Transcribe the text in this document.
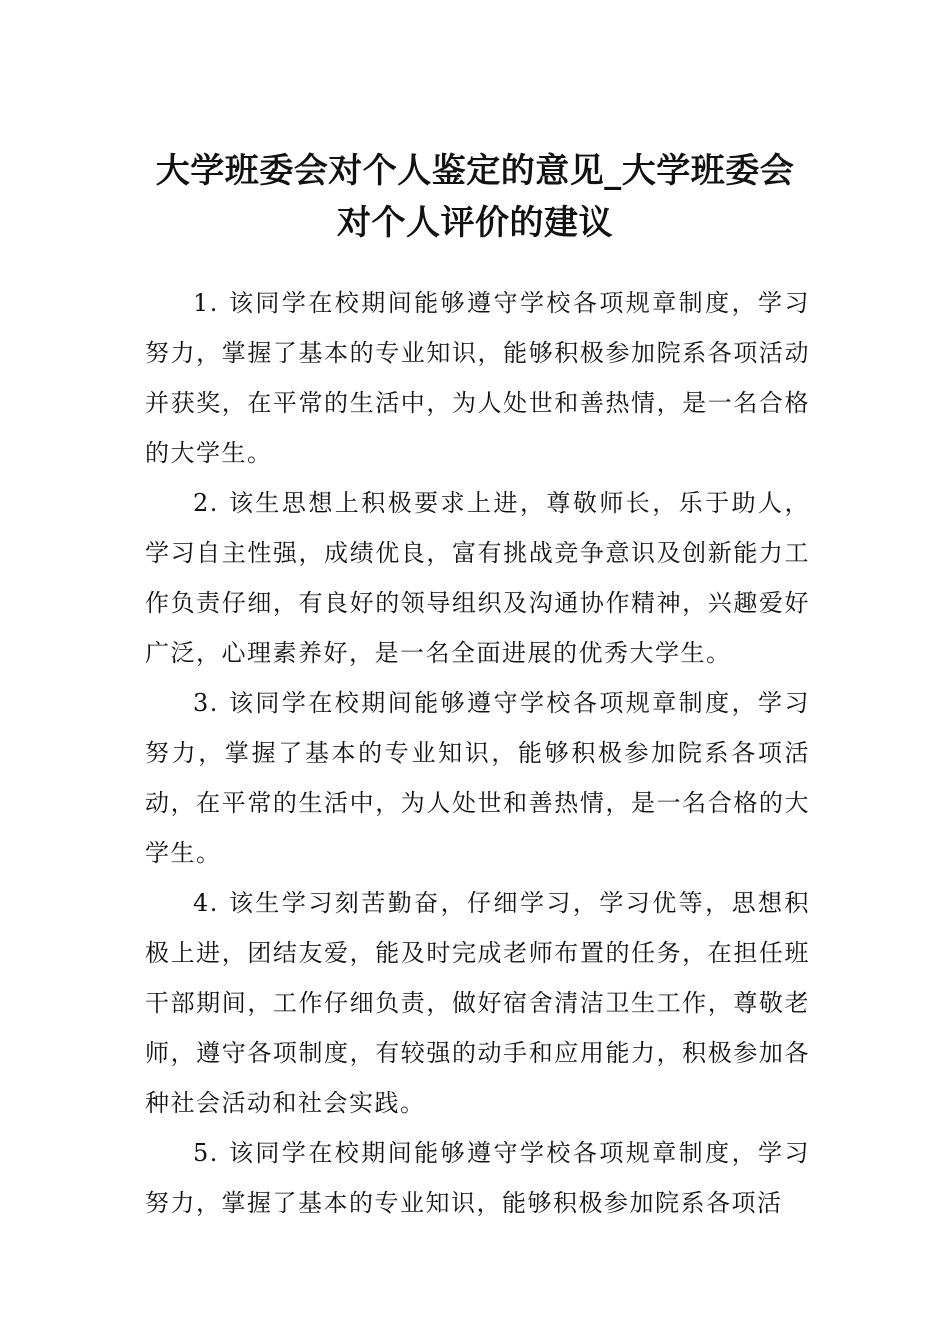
大学班委会对个人鉴定的意见_大学班委会
对个人评价的建议

1. 该同学在校期间能够遵守学校各项规章制度，学习努力，掌握了基本的专业知识，能够积极参加院系各项活动并获奖，在平常的生活中，为人处世和善热情，是一名合格的大学生。

2. 该生思想上积极要求上进，尊敬师长，乐于助人，学习自主性强，成绩优良，富有挑战竞争意识及创新能力工作负责仔细，有良好的领导组织及沟通协作精神，兴趣爱好广泛，心理素养好，是一名全面进展的优秀大学生。

3. 该同学在校期间能够遵守学校各项规章制度，学习努力，掌握了基本的专业知识，能够积极参加院系各项活动，在平常的生活中，为人处世和善热情，是一名合格的大学生。

4. 该生学习刻苦勤奋，仔细学习，学习优等，思想积极上进，团结友爱，能及时完成老师布置的任务，在担任班干部期间，工作仔细负责，做好宿舍清洁卫生工作，尊敬老师，遵守各项制度，有较强的动手和应用能力，积极参加各种社会活动和社会实践。

5. 该同学在校期间能够遵守学校各项规章制度，学习努力，掌握了基本的专业知识，能够积极参加院系各项活
